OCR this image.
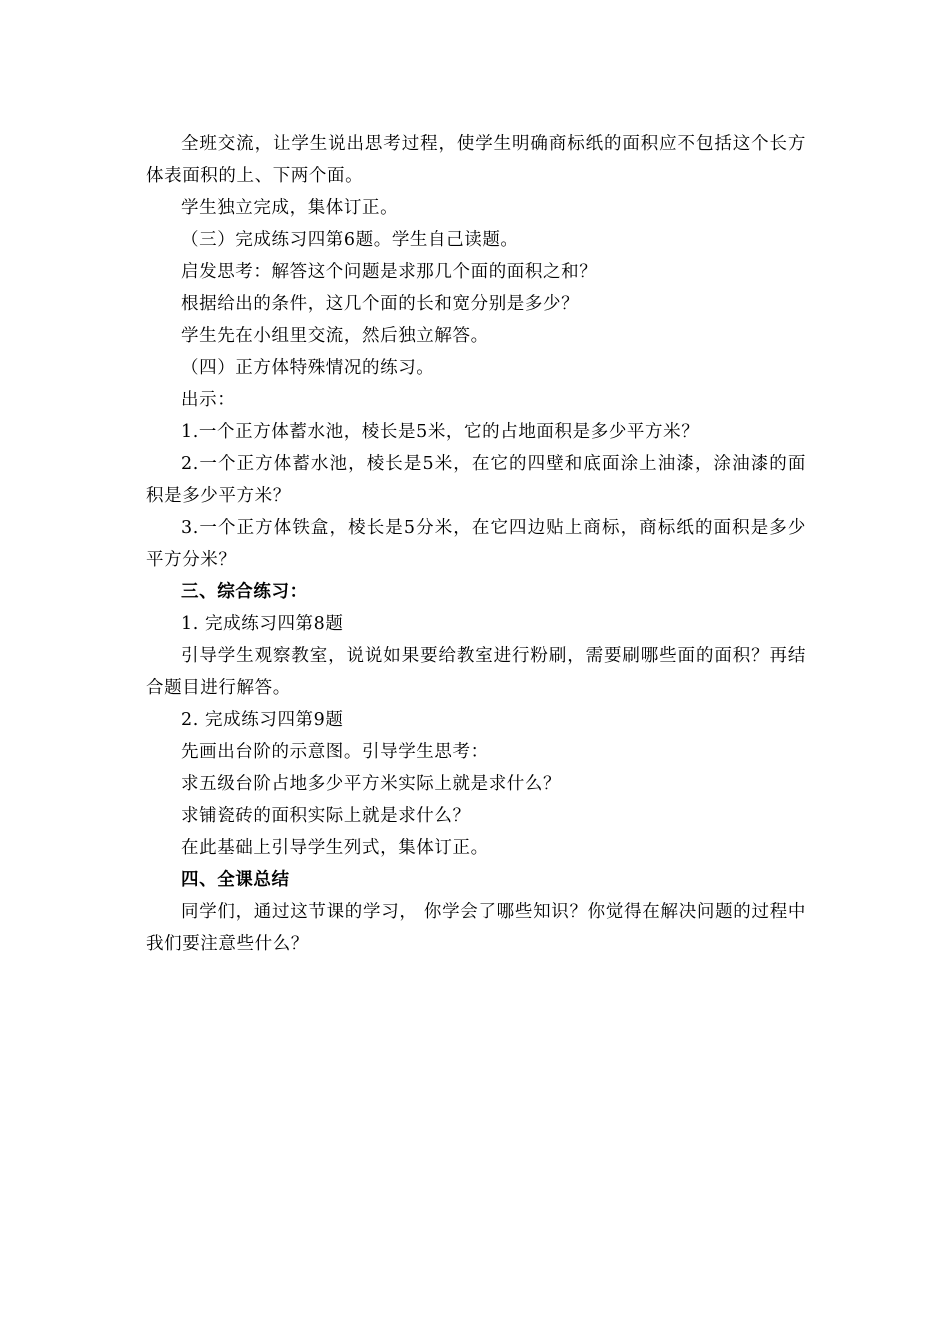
全班交流，让学生说出思考过程，使学生明确商标纸的面积应不包括这个长方体表面积的上、下两个面。

学生独立完成，集体订正。

（三）完成练习四第6题。学生自己读题。

启发思考：解答这个问题是求那几个面的面积之和？

根据给出的条件，这几个面的长和宽分别是多少？

学生先在小组里交流，然后独立解答。

（四）正方体特殊情况的练习。

出示：

1.一个正方体蓄水池，棱长是5米，它的占地面积是多少平方米？

2.一个正方体蓄水池，棱长是5米，在它的四壁和底面涂上油漆，涂油漆的面积是多少平方米？

3.一个正方体铁盒，棱长是5分米，在它四边贴上商标，商标纸的面积是多少平方分米？

三、综合练习：

1. 完成练习四第8题

引导学生观察教室，说说如果要给教室进行粉刷，需要刷哪些面的面积？再结合题目进行解答。

2. 完成练习四第9题

先画出台阶的示意图。引导学生思考：

求五级台阶占地多少平方米实际上就是求什么？

求铺瓷砖的面积实际上就是求什么？

在此基础上引导学生列式，集体订正。

四、全课总结

同学们，通过这节课的学习， 你学会了哪些知识？你觉得在解决问题的过程中我们要注意些什么？
